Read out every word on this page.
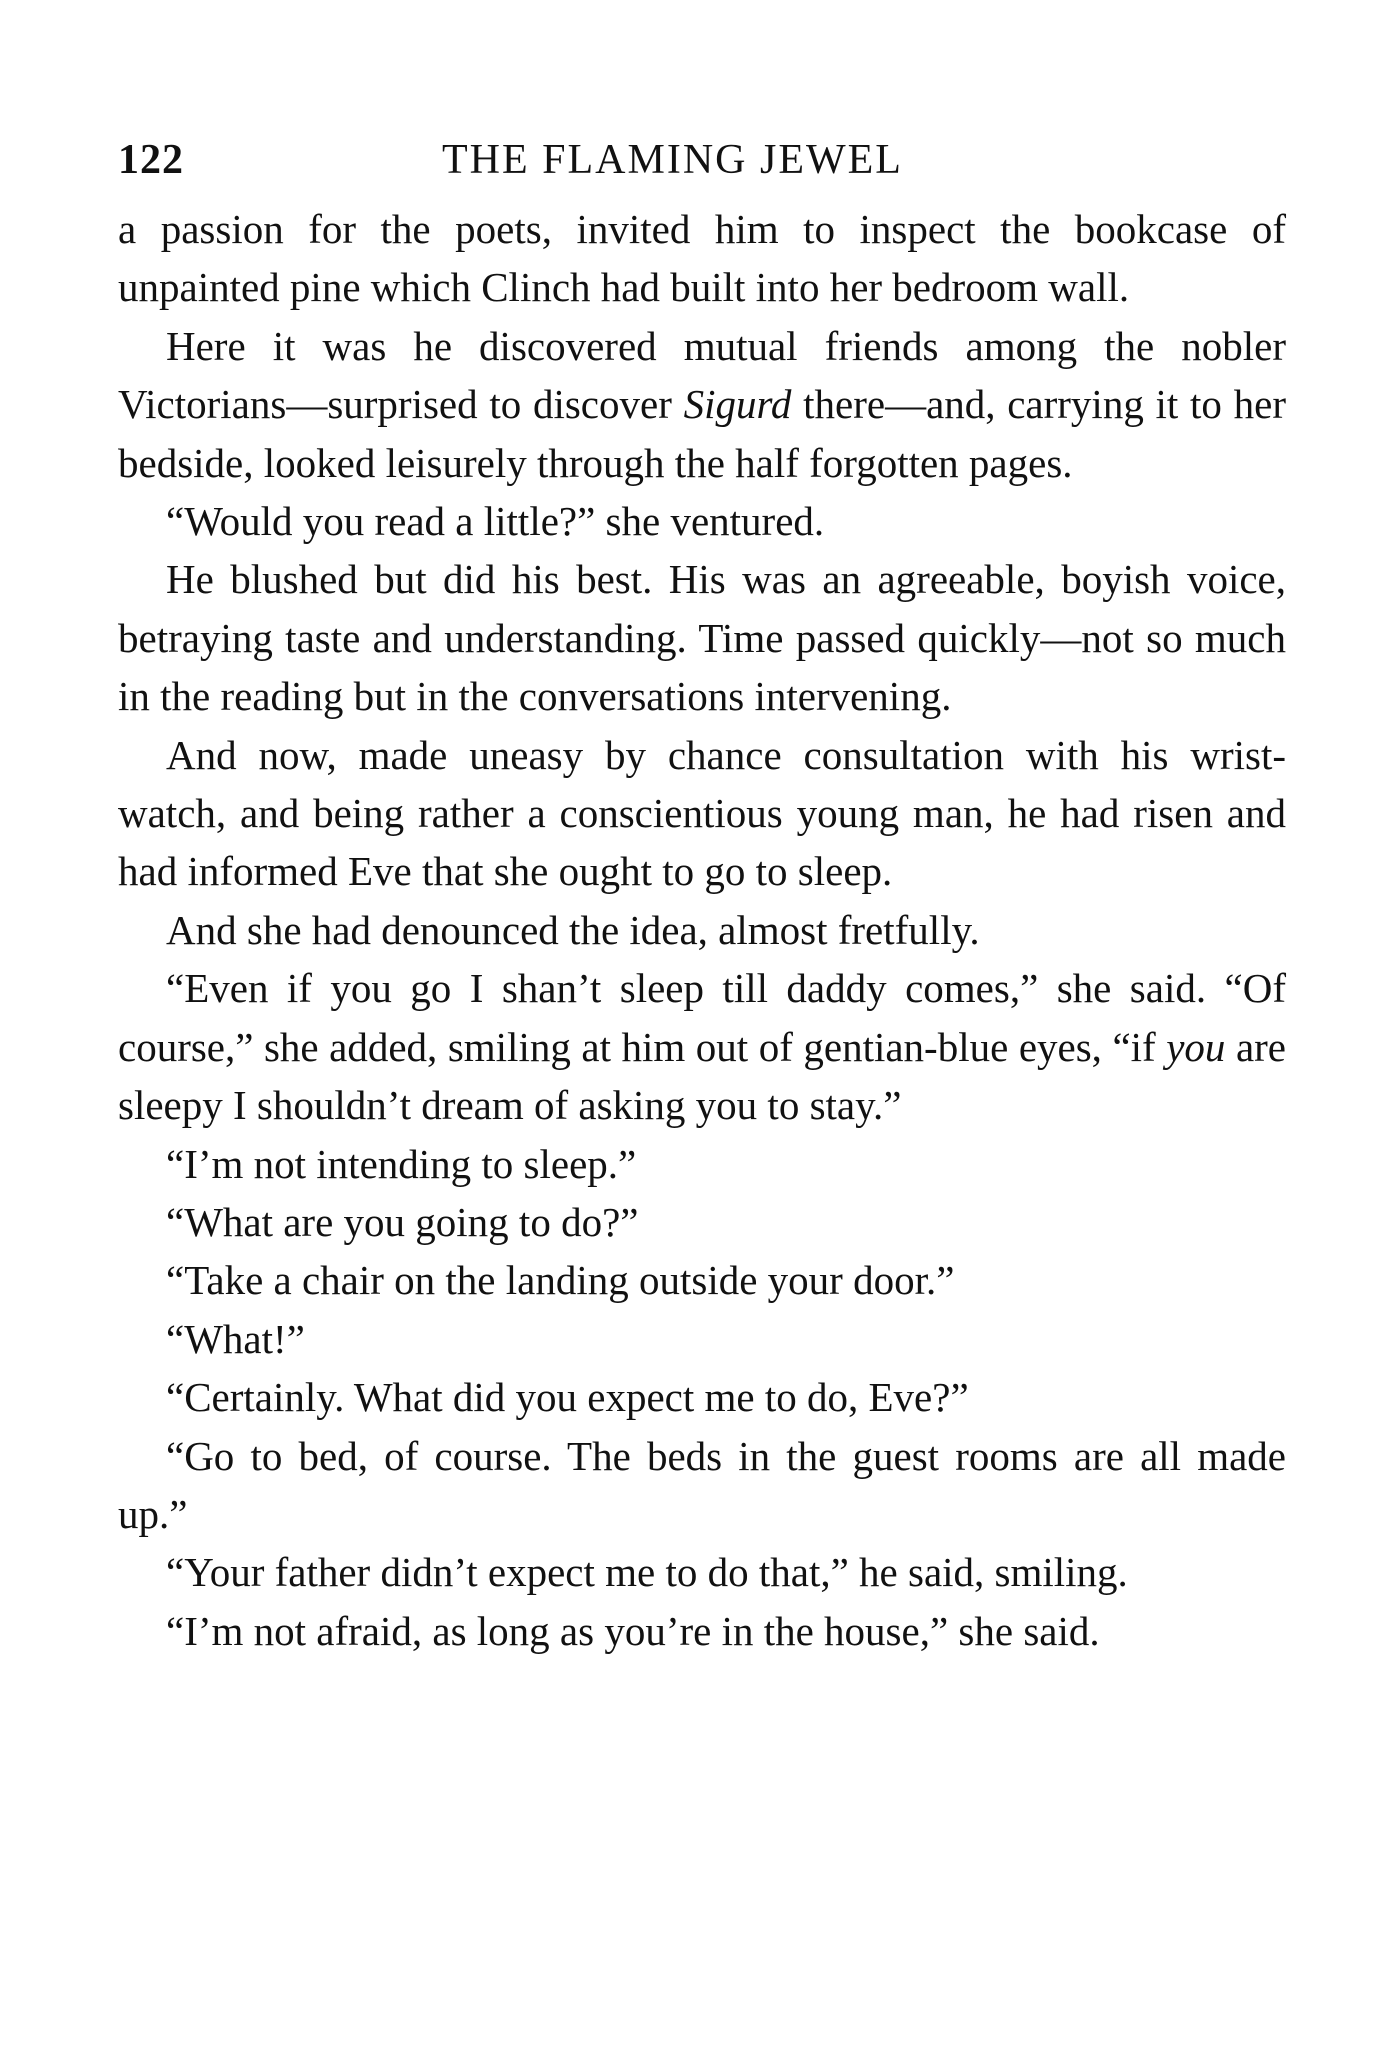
122	THE FLAMING JEWEL

a passion for the poets, invited him to inspect the bookcase of unpainted pine which Clinch had built into her bedroom wall.

Here it was he discovered mutual friends among the nobler Victorians—surprised to discover Sigurd there—and, carrying it to her bedside, looked leisurely through the half forgotten pages.

“Would you read a little?” she ventured.

He blushed but did his best. His was an agreeable, boyish voice, betraying taste and understanding. Time passed quickly—not so much in the reading but in the conversations intervening.

And now, made uneasy by chance consultation with his wrist-watch, and being rather a conscientious young man, he had risen and had informed Eve that she ought to go to sleep.

And she had denounced the idea, almost fretfully.

“Even if you go I shan’t sleep till daddy comes,” she said. “Of course,” she added, smiling at him out of gentian-blue eyes, “if you are sleepy I shouldn’t dream of asking you to stay.”

“I’m not intending to sleep.”

“What are you going to do?”

“Take a chair on the landing outside your door.”

“What!”

“Certainly. What did you expect me to do, Eve?”

“Go to bed, of course. The beds in the guest rooms are all made up.”

“Your father didn’t expect me to do that,” he said, smiling.

“I’m not afraid, as long as you’re in the house,” she said.
